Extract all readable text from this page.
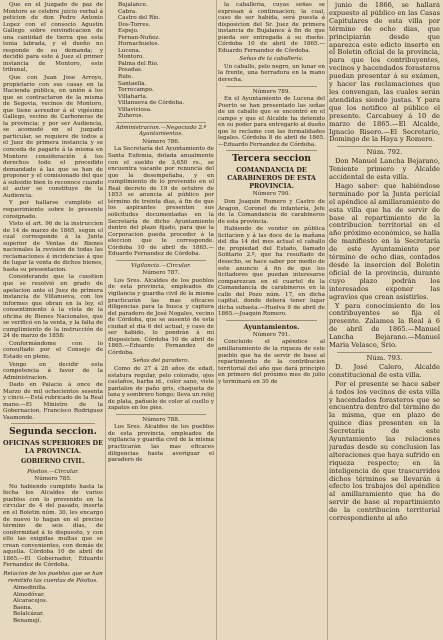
Que en el Juzgado de paz de Montoro se celebre juicio verbal á peticion de don Pedro Antonio Lopez con el consocio Agustin Gallego sobre reivindicacion de una cantidad de tierra que esta tenia labrada, y el dueño no responde de su demanda; y decidió para este á Juez el primer instancia de Montoro, este tribunal,

Que con Juan Jose Arroyo, propietario con sus casas en la Hacienda pública, en unión á los que se contractaron de la misma de Segovia, vecinos de Montoro, que tiene acreedor á el vigésimo Gallego, vecino de Carboneras de la provincia; y por ser Audiencia, se acomodó en el juzgado particular, se requiere de todos a el Juez de primera instancia y se conceda de pagarle á la misma en Montoro consideración á los derechos todo el procedido demandado á las que se han de proponer y el comisionado del que á subsidio bien lo reconoce cuando el autor se constituye de la Audiencia.

Y por hallarse cumplido el requerimiento sobre lo presente consignado.

Visto el art. 96 de la instruccion de 14 de marzo de 1865, segun el cual corresponde á la Junta superior de Ventas de Bienes nacionales la revision de todas las reclamaciones é incidencias á que de lugar la venta de dichos bienes, hasta su presentacion.

Considerando que la cuestion que se resolvió en grado de apelacion ante el Juez de primera instancia de Villanueva, con los informes que obran en la ley, el consentimiento á la vista de la oficina de Bienes Nacionales, que se verificó en la venta, y la falta de cumplimiento de la instrucción de 24 de marzo de 1858:

Conformándome con lo consultado por el Consejo de Estado en pleno,

Vengo en decidir esta competencia á favor de la Administracion.

Dado en Palacio á once de Marzo de mil ochocientos sesenta y cinco.—Está rubricado de la Real mano.—El Ministro de la Gobernacion, Francisco Rodriguez Vaamonde.

Segunda seccion.

OFICINAS SUPERIORES DE LA PROVINCIA.

GOBIERNO CIVIL.

Pósitos.—Circular.

Número 785.

No habiendo cumplido hasta la fecha los Alcaldes de varios pueblos con lo prevenido en la circular de 4 del pasado, inserta en el Boletin núm. 30, les encargo de nuevo lo hagan en el preciso término de seis dias, de conformidad á lo dispuesto, y con ello las exigidas multas que se crean convenientes, con demás de aquella. Córdoba 10 de abril de 1865.—El Gobernador, Eduardo Fernandez de Córdoba.

Relacion de los pueblos que se han remitido las cuentas de Pósitos.

Almedinilla.
Almodóvar.
Alcaracejos.
Baena.
Belalcázar.
Benamejí.
Bujalance.
Cabra.
Castro del Río.
Dos-Torres.
Espejo.
Fernan-Nuñez.
Hornachuelos.
Lucena.
Montoro.
Palma del Río.
Posadas.
Rute.
Santaella.
Torrecampo.
Villaharta.
Villanueva de Córdoba.
Villaviciosa.
Zuheros.

Administracion.—Negociado 2.º Ayuntamientos.

Número 786.

La Secretaría del Ayuntamiento de Santa Eufemia, dotada anualmente con el sueldo de 3,650 rs., se encuentra vacante por renuncia del que la desempeñaba, y en cumplimiento de lo prevenido en el Real decreto de 19 de octubre de 1853 se anuncia al público por término de treinta dias, á fin de que los aspirantes presenten sus solicitudes documentadas en la Secretaría de dicho Ayuntamiento dentro del plazo fijado, para que la Corporacion pueda proceder á la eleccion que le corresponde. Córdoba 10 de abril de 1865.—Eduardo Fernandez de Córdoba.

Vigilancia.—Circular.

Número 787.

Los Sres. Alcaldes de los pueblos de esta provincia, empleados de vigilancia y guardia civil de la misma practicarán las mas eficaces diligencias para la busca y captura del paradero de José Nogales, vecino de Córdoba, que se ausentó de esta ciudad el dia 6 del actual, y caso de ser habido, lo pondrán á mi disposicion. Córdoba 10 de abril de 1865.—Eduardo Fernandez de Córdoba.

Señas del paradero.

Como de 27 á 28 años de edad, estatura regular, pelo colorado, ojos castaños, barba id., color sano, viste pantalon de paño gris, chaqueta de lana y sombrero hongo; lleva un reloj de plata, pañuelo de color al cuello y zapatos en los pies.

Número 788.

Los Sres. Alcaldes de los pueblos de esta provincia, empleados de vigilancia y guardia civil de la misma practicarán las mas eficaces diligencias hasta averiguar el paradero de

la caballería, cuyas señas se expresan á continuacion; la cual, caso de ser habida, será puesta á disposicion del Sr. Juez de primera instancia de Bujalance á fin de que pueda ser entregada á su dueño. Córdoba 10 de abril de 1865.—Eduardo Fernandez de Córdoba.

Señas de la caballería.

Un caballo, pelo negro, un lunar en la frente, una herradura en la mano derecha.

Número 789.

En el Ayuntamiento de Lucena del Puerto se han presentado las señas de un caballo que se encontró en el campo y que el Alcalde ha detenido en su poder para entregarlo al dueño que lo reclame con las formalidades legales. Córdoba 8 de abril de 1865.—Eduardo Fernandez de Córdoba.

Tercera seccion

COMANDANCIA DE CARABINEROS DE ESTA PROVINCIA.

Número 790.

Don Joaquin Romero y Castro de Aragon, Coronel de infantería, Jefe de la Comandancia de carabineros de esta provincia.

Habiendo de vender en pública licitacion y á las doce de la mañana del dia 14 del mes actual el caballo de propiedad del Estado, llamado Solitario 2.º, que ha resultado de desecho, se hace saber por medio de este anuncio á fin de que los licitadores que puedan interesarse comparezcan en el cuartel de la Comandancia de carabineros en la calle del Pozo núm. 17, en dicha capital, donde deberá tener lugar dicha subasta.—Huelva 9 de abril de 1865.—Joaquin Romero.

Ayuntamientos.

Número 791.

Concluido el apéndice al amillaramiento de la riqueza de este pueblo que ha de servir de base al repartimiento de la contribucion territorial del año que dará principio en primero del próximo mes de julio y terminará en 30 de

junio de 1866, se hallará expuesto al público en las Casas Capitulares de esta villa por término de ocho dias, que principiarán desde que aparezca este edicto inserto en el Boletin oficial de la provincia, para que los contribuyentes, vecinos y hacendados forasteros puedan presentar á su exámen, y hacer las reclamaciones que les convengan, las cuales serán atendidas siendo justas. Y para que los notifico al público el presente. Carcabuey á 10 de marzo de 1865.—El Alcalde, Ignacio Risero.—El Secretario, Domingo de la Haya y Romero.

Núm. 792.

Don Manuel Lancha Bejarano, Teniente primero y Alcalde accidental de esta villa.

Hago saber: que habiéndose terminado por la Junta pericial el apéndice al amillaramiento de esta villa que ha de servir de base al repartimiento de la contribucion territorial en el año próximo económico, se halla de manifiesto en la Secretaría de este Ayuntamiento por término de ocho dias, contados desde la insercion del Boletin oficial de la provincia, durante cuyo plazo podrán los interesados exponer las agravios que crean asistirles.

Y para conocimiento de los contribuyentes se fija el presente. Zalamea la Real á 6 de abril de 1865.—Manuel Lancha Bejarano.—Manuel Maria Velasco, Srio.

Núm. 793.

D. José Calero, Alcalde constitucional de esta villa.

Por el presente se hace saber á todos los vecinos de esta villa y hacendados forasteros que se encuentra dentro del término de la misma, que en plazo de quince dias presenten en la Secretaría de este Ayuntamiento las relaciones juradas desde su conclusion las alteraciones que haya sufrido en riqueza respecto; en la inteligencia de que trascurridos dichos términos se llevarán á efecto los trabajos del apéndice al amillaramiento que ha de servir de base al repartimiento de la contribucion territorial correspondiente al año
